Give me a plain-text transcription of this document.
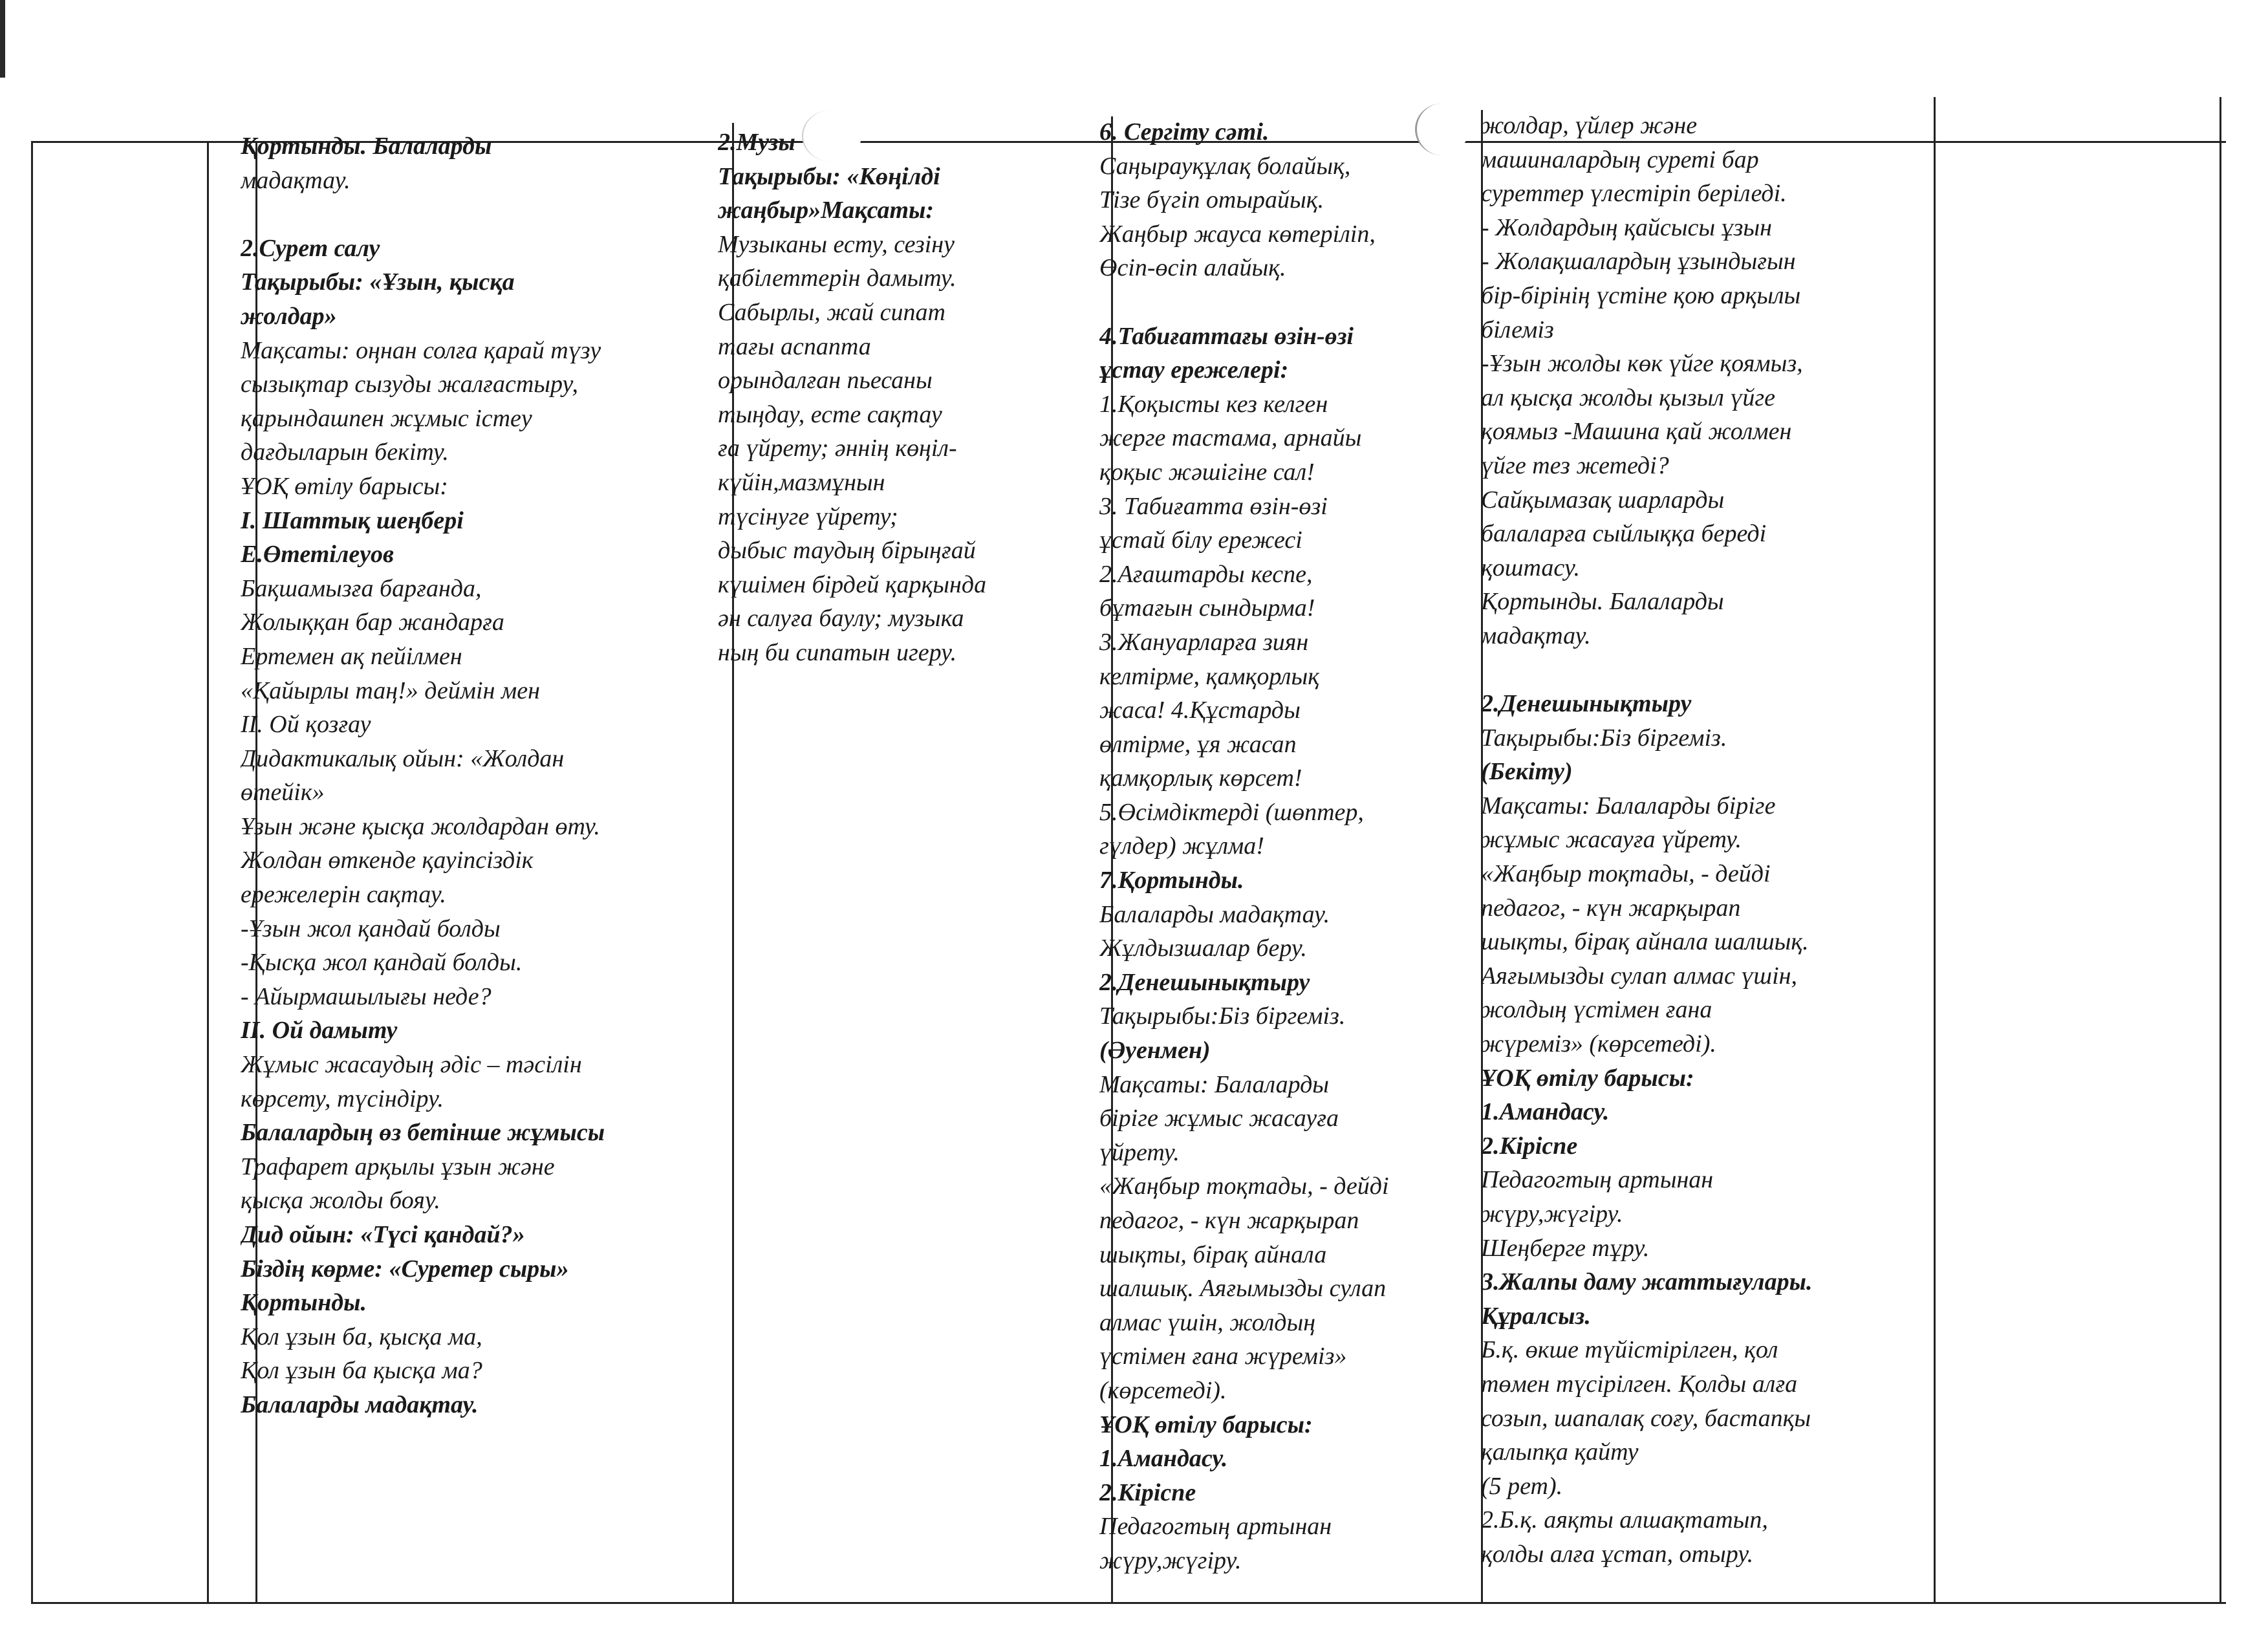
Қортынды. Балаларды
мадақтау.
2.Сурет салу
Тақырыбы: «Ұзын, қысқа
жолдар»
Мақсаты: оңнан солға қарай түзу
сызықтар сызуды жалғастыру,
қарындашпен жұмыс істеу
дағдыларын бекіту.
ҰОҚ өтілу барысы:
I. Шаттық шеңбері
Е.Өтетілеуов
Бақшамызға барғанда,
Жолыққан бар жандарға
Ертемен ақ пейілмен
«Қайырлы таң!» деймін мен
II. Ой қозғау
Дидактикалық ойын: «Жолдан
өтейік»
Ұзын және қысқа жолдардан өту.
Жолдан өткенде қауіпсіздік
ережелерін сақтау.
-Ұзын жол қандай болды
-Қысқа жол қандай болды.
- Айырмашылығы неде?
II. Ой дамыту
Жұмыс жасаудың әдіс – тәсілін
көрсету, түсіндіру.
Балалардың өз бетінше жұмысы
Трафарет арқылы ұзын және
қысқа жолды бояу.
Дид ойын: «Түсі қандай?»
Біздің көрме: «Суретер сыры»
Қортынды.
Қол ұзын ба, қысқа ма,
Қол ұзын ба қысқа ма?
Балаларды мадақтау.
2.Музы
Тақырыбы: «Көңілді
жаңбыр»Мақсаты:
Музыканы есту, сезіну
қабілеттерін дамыту.
Сабырлы, жай сипат
тағы аспапта
орындалған пьесаны
тыңдау, есте сақтау
ға үйрету; әннің көңіл-
күйін,мазмұнын
түсінуге үйрету;
дыбыс таудың бірыңғай
күшімен бірдей қарқында
ән салуға баулу; музыка
ның би сипатын игеру.
6. Сергіту сәті.
Саңырауқұлақ болайық,
Тізе бүгіп отырайық.
Жаңбыр жауса көтеріліп,
Өсіп-өсіп алайық.
4.Табиғаттағы өзін-өзі
ұстау ережелері:
1.Қоқысты кез келген
жерге тастама, арнайы
қоқыс жәшігіне сал!
3. Табиғатта өзін-өзі
ұстай білу ережесі
2.Ағаштарды кеспе,
бұтағын сындырма!
3.Жануарларға зиян
келтірме, қамқорлық
жаса! 4.Құстарды
өлтірме, ұя жасап
қамқорлық көрсет!
5.Өсімдіктерді (шөптер,
гүлдер) жұлма!
7.Қортынды.
Балаларды мадақтау.
Жұлдызшалар беру.
2.Денешынықтыру
Тақырыбы:Біз біргеміз.
(Әуенмен)
Мақсаты: Балаларды
бірігe жұмыс жасауға
үйрету.
«Жаңбыр тоқтады, - дейді
педагог, - күн жарқырап
шықты, бірақ айнала
шалшық. Аяғымызды сулап
алмас үшін, жолдың
үстімен ғана жүреміз»
(көрсетеді).
ҰОҚ өтілу барысы:
1.Амандасу.
2.Кіріспе
Педагогтың артынан
жүру,жүгіру.
жолдар, үйлер және
машиналардың суреті бар
суреттер үлестіріп беріледі.
- Жолдардың қайсысы ұзын
- Жолақшалардың ұзындығын
бір-бірінің үстіне қою арқылы
білеміз
-Ұзын жолды көк үйге қоямыз,
ал қысқа жолды қызыл үйге
қоямыз -Машина қай жолмен
үйге тез жетеді?
Сайқымазақ шарларды
балаларға сыйлыққа береді
қоштасу.
Қортынды. Балаларды
мадақтау.
2.Денешынықтыру
Тақырыбы:Біз біргеміз.
(Бекіту)
Мақсаты: Балаларды бірігe
жұмыс жасауға үйрету.
«Жаңбыр тоқтады, - дейді
педагог, - күн жарқырап
шықты, бірақ айнала шалшық.
Аяғымызды сулап алмас үшін,
жолдың үстімен ғана
жүреміз» (көрсетеді).
ҰОҚ өтілу барысы:
1.Амандасу.
2.Кіріспе
Педагогтың артынан
жүру,жүгіру.
Шеңберге тұру.
3.Жалпы даму жаттығулары.
Құралсыз.
Б.қ. өкше түйістірілген, қол
төмен түсірілген. Қолды алға
созып, шапалақ соғу, бастапқы
қалыпқа қайту
(5 рет).
2.Б.қ. аяқты алшақтатып,
қолды алға ұстап, отыру.
